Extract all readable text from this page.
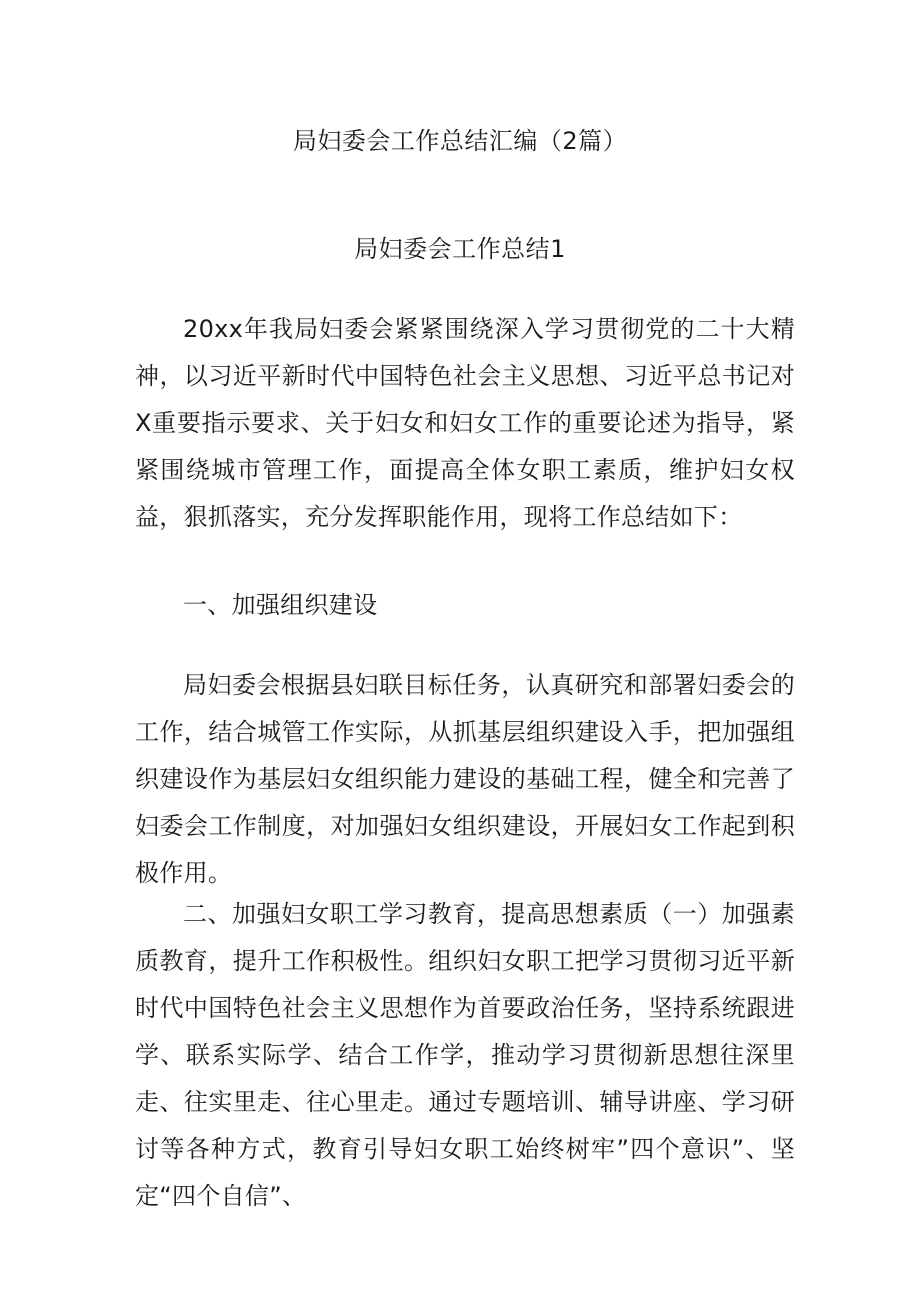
局妇委会工作总结汇编（2篇）
局妇委会工作总结1

20xx年我局妇委会紧紧围绕深入学习贯彻党的二十大精神，以习近平新时代中国特色社会主义思想、习近平总书记对X重要指示要求、关于妇女和妇女工作的重要论述为指导，紧紧围绕城市管理工作，面提高全体女职工素质，维护妇女权益，狠抓落实，充分发挥职能作用，现将工作总结如下：

一、加强组织建设

局妇委会根据县妇联目标任务，认真研究和部署妇委会的工作，结合城管工作实际，从抓基层组织建设入手，把加强组织建设作为基层妇女组织能力建设的基础工程，健全和完善了妇委会工作制度，对加强妇女组织建设，开展妇女工作起到积极作用。

二、加强妇女职工学习教育，提高思想素质（一）加强素质教育，提升工作积极性。组织妇女职工把学习贯彻习近平新时代中国特色社会主义思想作为首要政治任务，坚持系统跟进学、联系实际学、结合工作学，推动学习贯彻新思想往深里走、往实里走、往心里走。通过专题培训、辅导讲座、学习研讨等各种方式，教育引导妇女职工始终树牢”四个意识”、坚定“四个自信”、
